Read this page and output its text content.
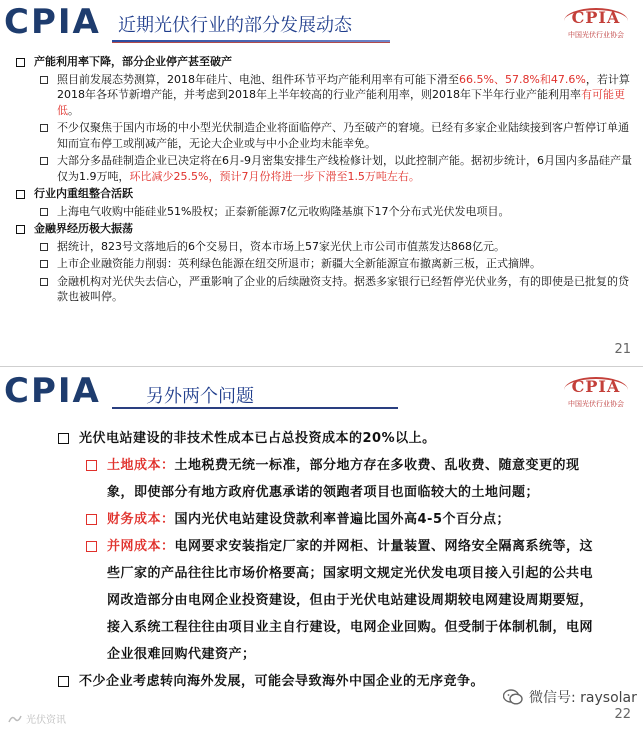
CPIA 近期光伏行业的部分发展动态	CPIA
中国光伏行业协会
产能利用率下降，部分企业停产甚至破产
照目前发展态势测算，2018年硅片、电池、组件环节平均产能利用率有可能下滑至66.5%、57.8%和47.6%，若计算2018年各环节新增产能，并考虑到2018年上半年较高的行业产能利用率，则2018年下半年行业产能利用率有可能更低。
不少仅聚焦于国内市场的中小型光伏制造企业将面临停产、乃至破产的窘境。已经有多家企业陆续接到客户暂停订单通知而宣布停工或削减产能，无论大企业或与中小企业均未能幸免。
大部分多晶硅制造企业已决定将在6月-9月密集安排生产线检修计划，以此控制产能。据初步统计，6月国内多晶硅产量仅为1.9万吨，环比减少25.5%，预计7月份将进一步下滑至1.5万吨左右。
行业内重组整合活跃
上海电气收购中能硅业51%股权；正泰新能源7亿元收购隆基旗下17个分布式光伏发电项目。
金融界经历极大振荡
据统计，823号文落地后的6个交易日，资本市场上57家光伏上市公司市值蒸发达868亿元。
上市企业融资能力削弱：英利绿色能源在纽交所退市；新疆大全新能源宣布撤离新三板，正式摘牌。
金融机构对光伏失去信心，严重影响了企业的后续融资支持。据悉多家银行已经暂停光伏业务，有的即使是已批复的贷款也被叫停。
21
CPIA	另外两个问题	CPIA
中国光伏行业协会
光伏电站建设的非技术性成本已占总投资成本的20%以上。
土地成本：土地税费无统一标准，部分地方存在多收费、乱收费、随意变更的现象，即使部分有地方政府优惠承诺的领跑者项目也面临较大的土地问题；
财务成本：国内光伏电站建设贷款利率普遍比国外高4-5个百分点；
并网成本：电网要求安装指定厂家的并网柜、计量装置、网络安全隔离系统等，这些厂家的产品往往比市场价格要高；国家明文规定光伏发电项目接入引起的公共电网改造部分由电网企业投资建设，但由于光伏电站建设周期较电网建设周期要短，接入系统工程往往由项目业主自行建设，电网企业回购。但受制于体制机制，电网企业很难回购代建资产；
不少企业考虑转向海外发展，可能会导致海外中国企业的无序竞争。
微信号: raysolar
光伏资讯	22
